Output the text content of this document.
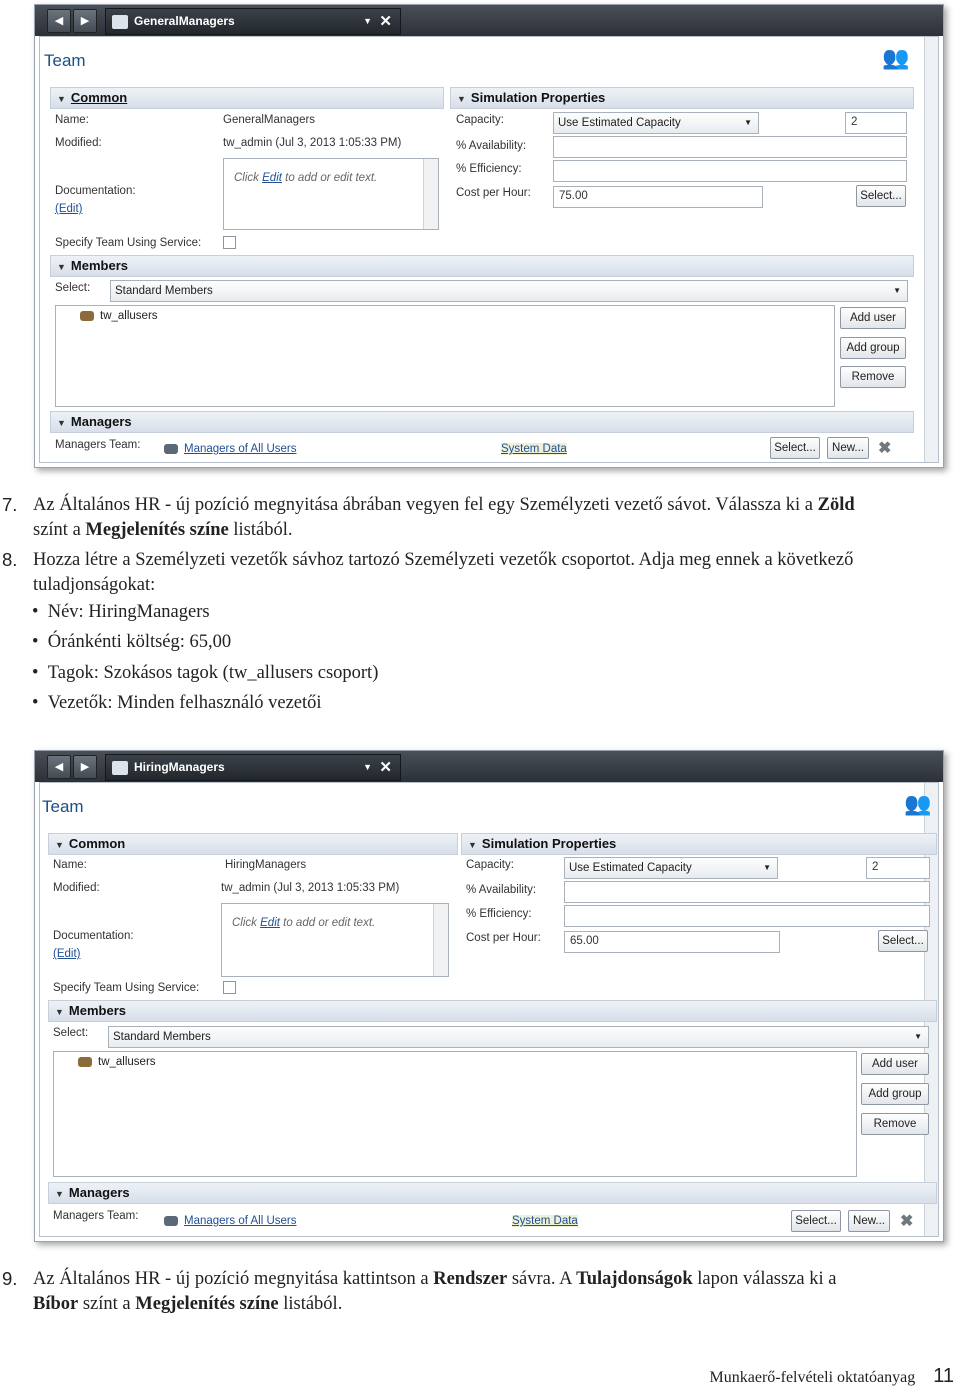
◀	▶	GeneralManagers	▼ ✕
Team	👥
▼ Common
Name:	GeneralManagers
Modified:	tw_admin (Jul 3, 2013 1:05:33 PM)
Click Edit to add or edit text.
Documentation:
(Edit)
Specify Team Using Service:
▼ Simulation Properties
Capacity:	Use Estimated Capacity	▼	2
% Availability:
% Efficiency:
Cost per Hour: 75.00	Select...
▼ Members
Select:	Standard Members	▼
tw_allusers	Add user
Add group
Remove
▼ Managers
Managers Team:	Managers of All Users	System Data	Select...	New... ✖
7. Az Általános HR - új pozíció megnyitása ábrában vegyen fel egy Személyzeti vezető sávot. Válassza ki a Zöld
színt a Megjelenítés színe listából.
8. Hozza létre a Személyzeti vezetők sávhoz tartozó Személyzeti vezetők csoportot. Adja meg ennek a következő
tuladjonságokat:
•  Név: HiringManagers
•  Óránkénti költség: 65,00
•  Tagok: Szokásos tagok (tw_allusers csoport)
•  Vezetők: Minden felhasználó vezetői
◀	▶	HiringManagers	▼ ✕
Team	👥
▼ Common
Name:	HiringManagers
Modified:	tw_admin (Jul 3, 2013 1:05:33 PM)
Click Edit to add or edit text.
Documentation:
(Edit)
Specify Team Using Service:
▼ Simulation Properties
Capacity:	Use Estimated Capacity	▼	2
% Availability:
% Efficiency:
Cost per Hour:	65.00	Select...
▼ Members
Select:	Standard Members	▼
tw_allusers	Add user
Add group
Remove
▼ Managers
Managers Team:	Managers of All Users	System Data	Select...	New... ✖
9. Az Általános HR - új pozíció megnyitása kattintson a Rendszer sávra. A Tulajdonságok lapon válassza ki a
Bíbor színt a Megjelenítés színe listából.
Munkaerő-felvételi oktatóanyag 11
